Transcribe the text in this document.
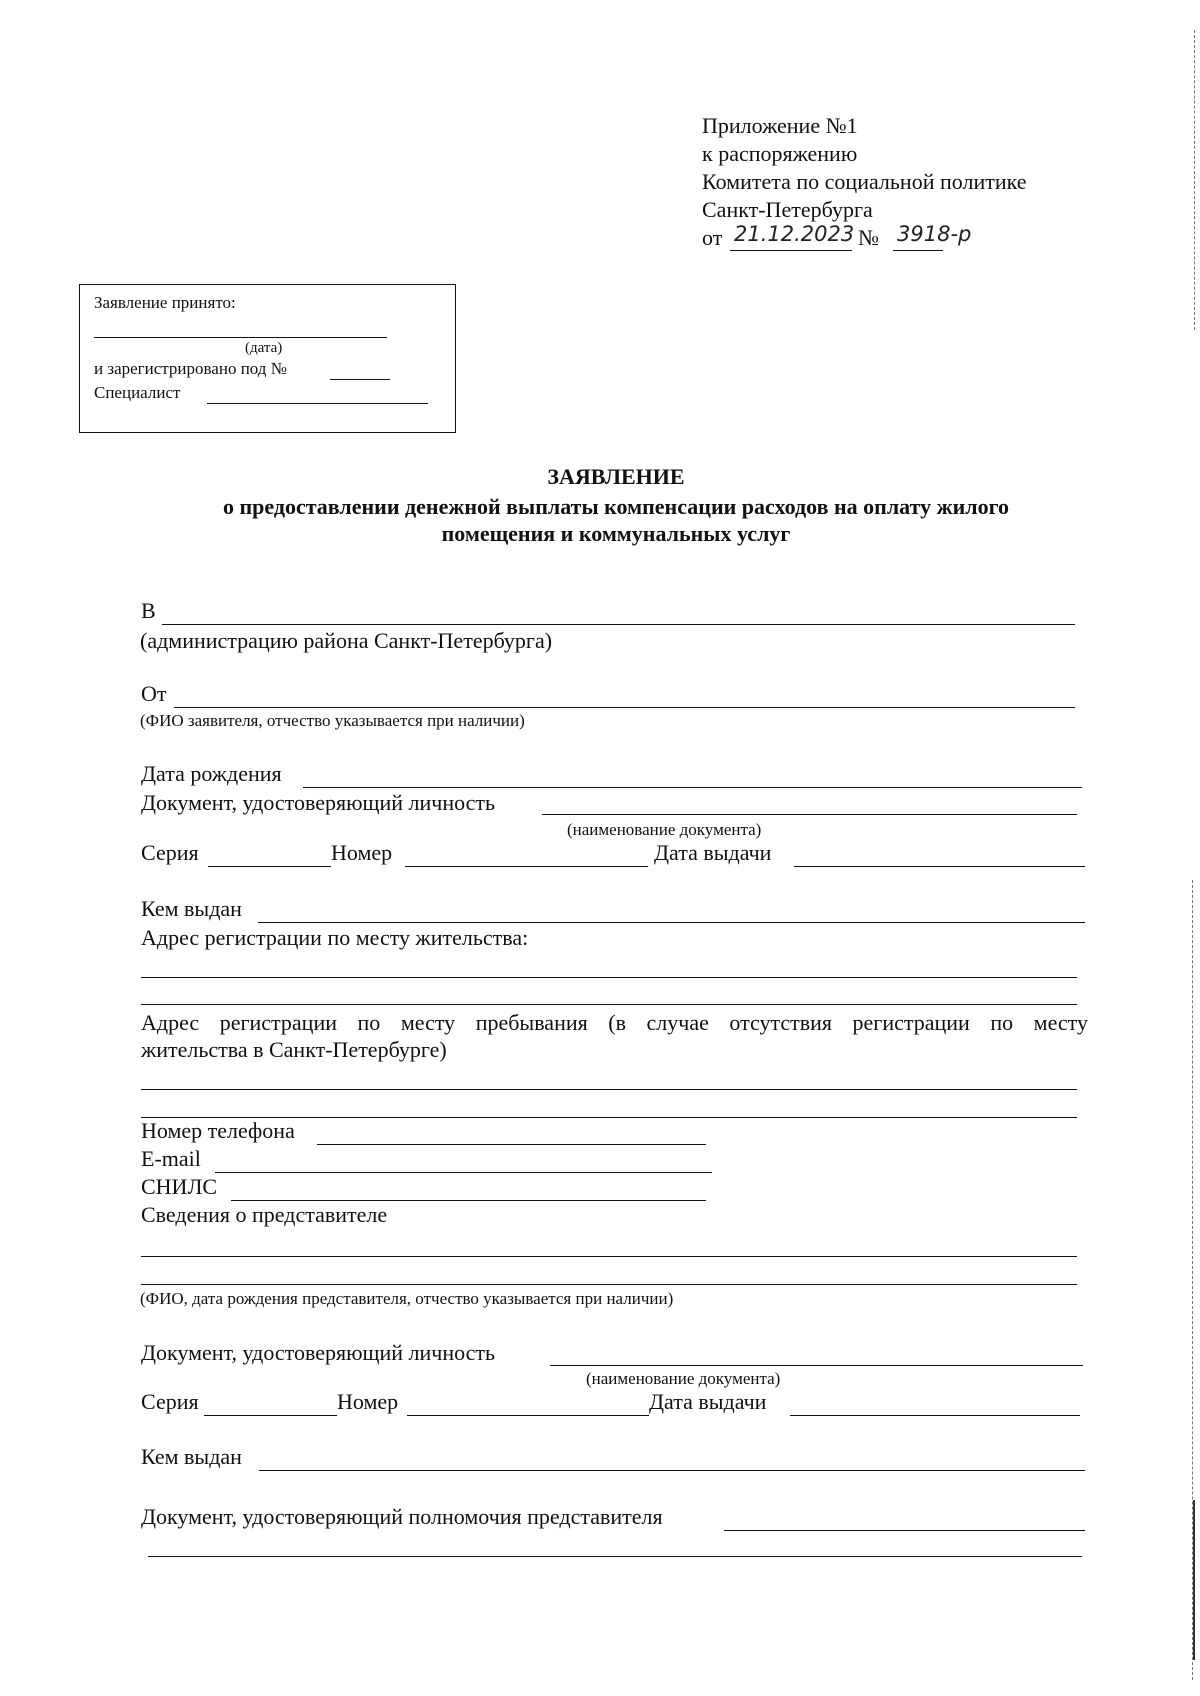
Приложение №1
к распоряжению
Комитета по социальной политике
Санкт-Петербурга
от 21.12.2023 № 3918-р
Заявление принято:
(дата)
и зарегистрировано под №
Специалист
ЗАЯВЛЕНИЕ
о предоставлении денежной выплаты компенсации расходов на оплату жилого
помещения и коммунальных услуг
В
(администрацию района Санкт-Петербурга)
От
(ФИО заявителя, отчество указывается при наличии)
Дата рождения
Документ, удостоверяющий личность
(наименование документа)
Серия	Номер	Дата выдачи
Кем выдан
Адрес регистрации по месту жительства:
Адрес регистрации по месту пребывания (в случае отсутствия регистрации по месту
жительства в Санкт-Петербурге)
Номер телефона
E-mail
СНИЛС
Сведения о представителе
(ФИО, дата рождения представителя, отчество указывается при наличии)
Документ, удостоверяющий личность
(наименование документа)
Серия	Номер	Дата выдачи
Кем выдан
Документ, удостоверяющий полномочия представителя
